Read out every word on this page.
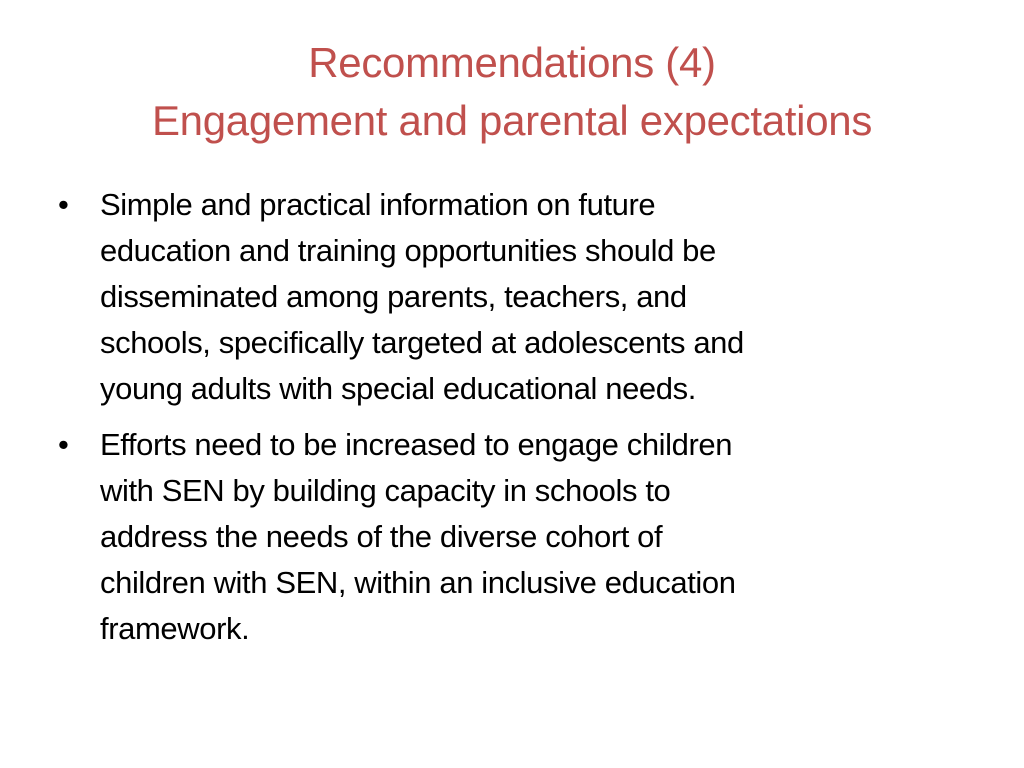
Recommendations (4)
Engagement and parental expectations
•	Simple and practical information on future
education and training opportunities should be
disseminated among parents, teachers, and
schools, specifically targeted at adolescents and
young adults with special educational needs.
•	Efforts need to be increased to engage children
with SEN by building capacity in schools to
address the needs of the diverse cohort of
children with SEN, within an inclusive education
framework.
